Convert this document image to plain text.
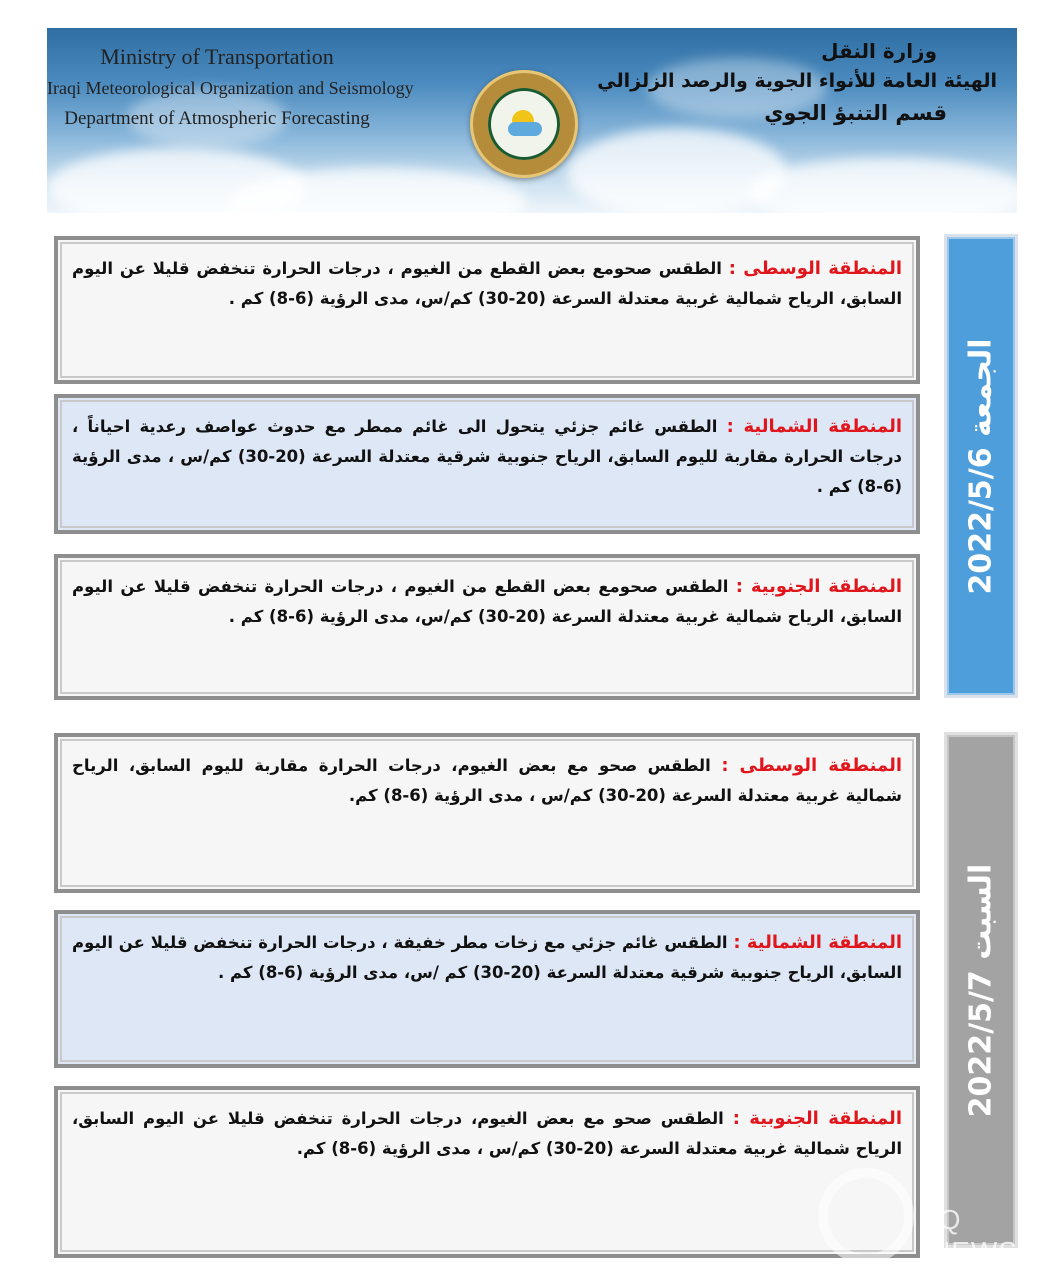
Ministry of Transportation
Iraqi Meteorological Organization and Seismology
Department of Atmospheric Forecasting
وزارة النقل
الهيئة العامة للأنواء الجوية والرصد الزلزالي
قسم التنبؤ الجوي
الجمعة 2022/5/6
المنطقة الوسطى : الطقس صحومع بعض القطع من الغيوم ، درجات الحرارة تنخفض قليلا عن اليوم السابق، الرياح شمالية غربية معتدلة السرعة (20-30) كم/س، مدى الرؤية (6-8) كم .
المنطقة الشمالية : الطقس غائم جزئي يتحول الى غائم ممطر مع حدوث عواصف رعدية احياناً ، درجات الحرارة مقاربة لليوم السابق، الرياح جنوبية شرقية معتدلة السرعة (20-30) كم/س ، مدى الرؤية (6-8) كم .
المنطقة الجنوبية : الطقس صحومع بعض القطع من الغيوم ، درجات الحرارة تنخفض قليلا عن اليوم السابق، الرياح شمالية غربية معتدلة السرعة (20-30) كم/س، مدى الرؤية (6-8) كم .
السبت 2022/5/7
المنطقة الوسطى : الطقس صحو مع بعض الغيوم، درجات الحرارة مقاربة لليوم السابق، الرياح شمالية غربية معتدلة السرعة (20-30) كم/س ، مدى الرؤية (6-8) كم.
المنطقة الشمالية : الطقس غائم جزئي مع زخات مطر خفيفة ، درجات الحرارة تنخفض قليلا عن اليوم السابق، الرياح جنوبية شرقية معتدلة السرعة (20-30) كم /س، مدى الرؤية (6-8) كم .
المنطقة الجنوبية : الطقس صحو مع بعض الغيوم، درجات الحرارة تنخفض قليلا عن اليوم السابق، الرياح شمالية غربية معتدلة السرعة (20-30) كم/س ، مدى الرؤية (6-8) كم.
IQ NEWS
